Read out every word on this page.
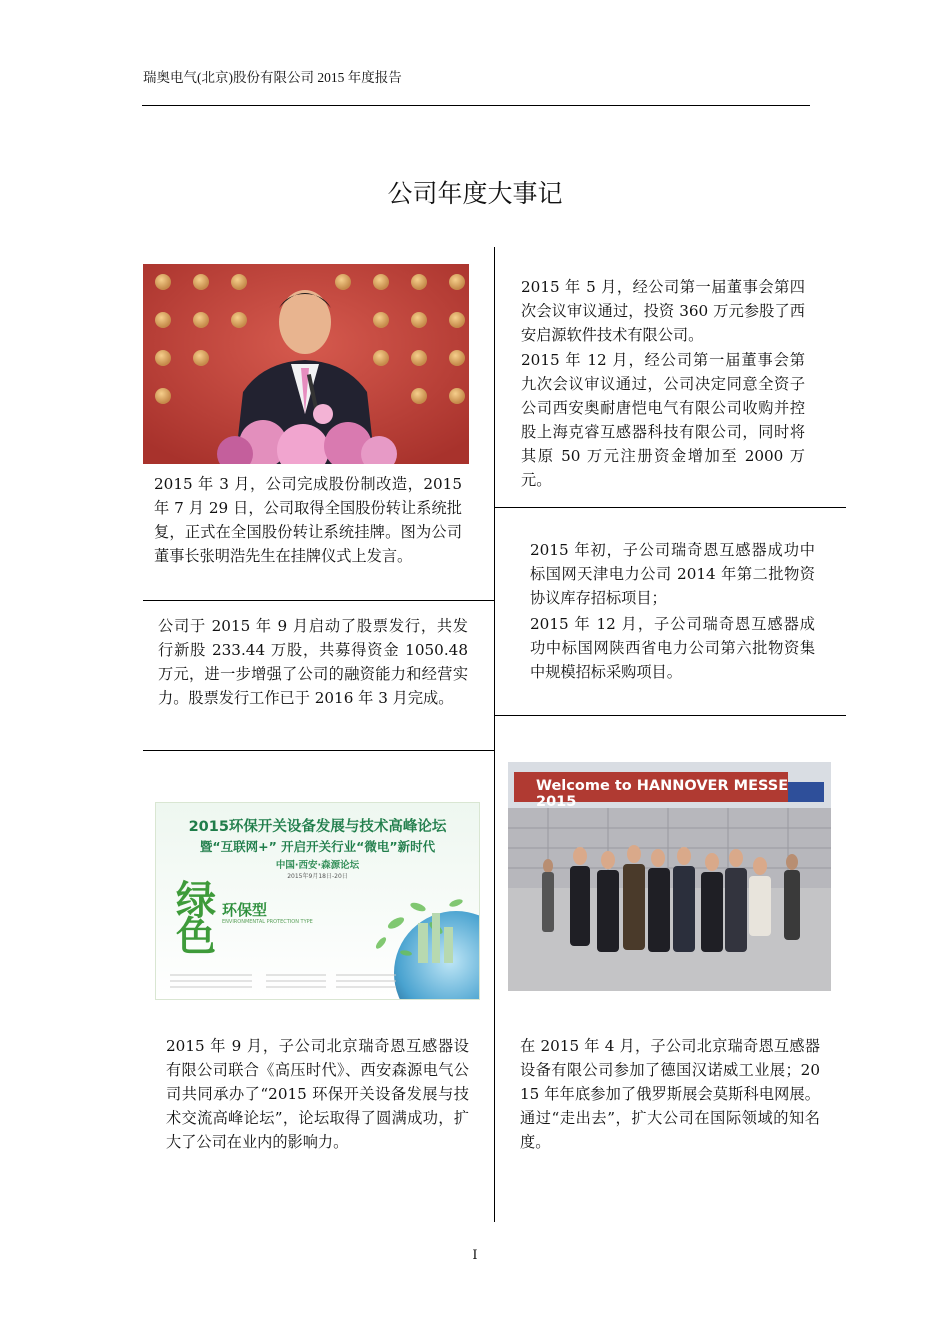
瑞奥电气(北京)股份有限公司 2015 年度报告
公司年度大事记
2015 年 3 月，公司完成股份制改造，2015 年 7 月 29 日，公司取得全国股份转让系统批复，正式在全国股份转让系统挂牌。图为公司董事长张明浩先生在挂牌仪式上发言。
2015 年 5 月，经公司第一届董事会第四次会议审议通过，投资 360 万元参股了西安启源软件技术有限公司。
2015 年 12 月，经公司第一届董事会第九次会议审议通过，公司决定同意全资子公司西安奥耐唐恺电气有限公司收购并控股上海克睿互感器科技有限公司，同时将其原 50 万元注册资金增加至 2000 万元。
2015 年初，子公司瑞奇恩互感器成功中标国网天津电力公司 2014 年第二批物资协议库存招标项目；
2015 年 12 月，子公司瑞奇恩互感器成功中标国网陕西省电力公司第六批物资集中规模招标采购项目。
公司于 2015 年 9 月启动了股票发行，共发行新股 233.44 万股，共募得资金 1050.48 万元，进一步增强了公司的融资能力和经营实力。股票发行工作已于 2016 年 3 月完成。
2015环保开关设备发展与技术高峰论坛
暨“互联网+” 开启开关行业“微电”新时代
中国·西安·森源论坛
2015年9月18日-20日
绿色
环保型
ENVIRONMENTAL PROTECTION TYPE
Welcome to HANNOVER MESSE 2015
2015 年 9 月，子公司北京瑞奇恩互感器设有限公司联合《高压时代》、西安森源电气公司共同承办了“2015 环保开关设备发展与技术交流高峰论坛”，论坛取得了圆满成功，扩大了公司在业内的影响力。
在 2015 年 4 月，子公司北京瑞奇恩互感器设备有限公司参加了德国汉诺威工业展；2015 年年底参加了俄罗斯展会莫斯科电网展。通过“走出去”，扩大公司在国际领域的知名度。
I
